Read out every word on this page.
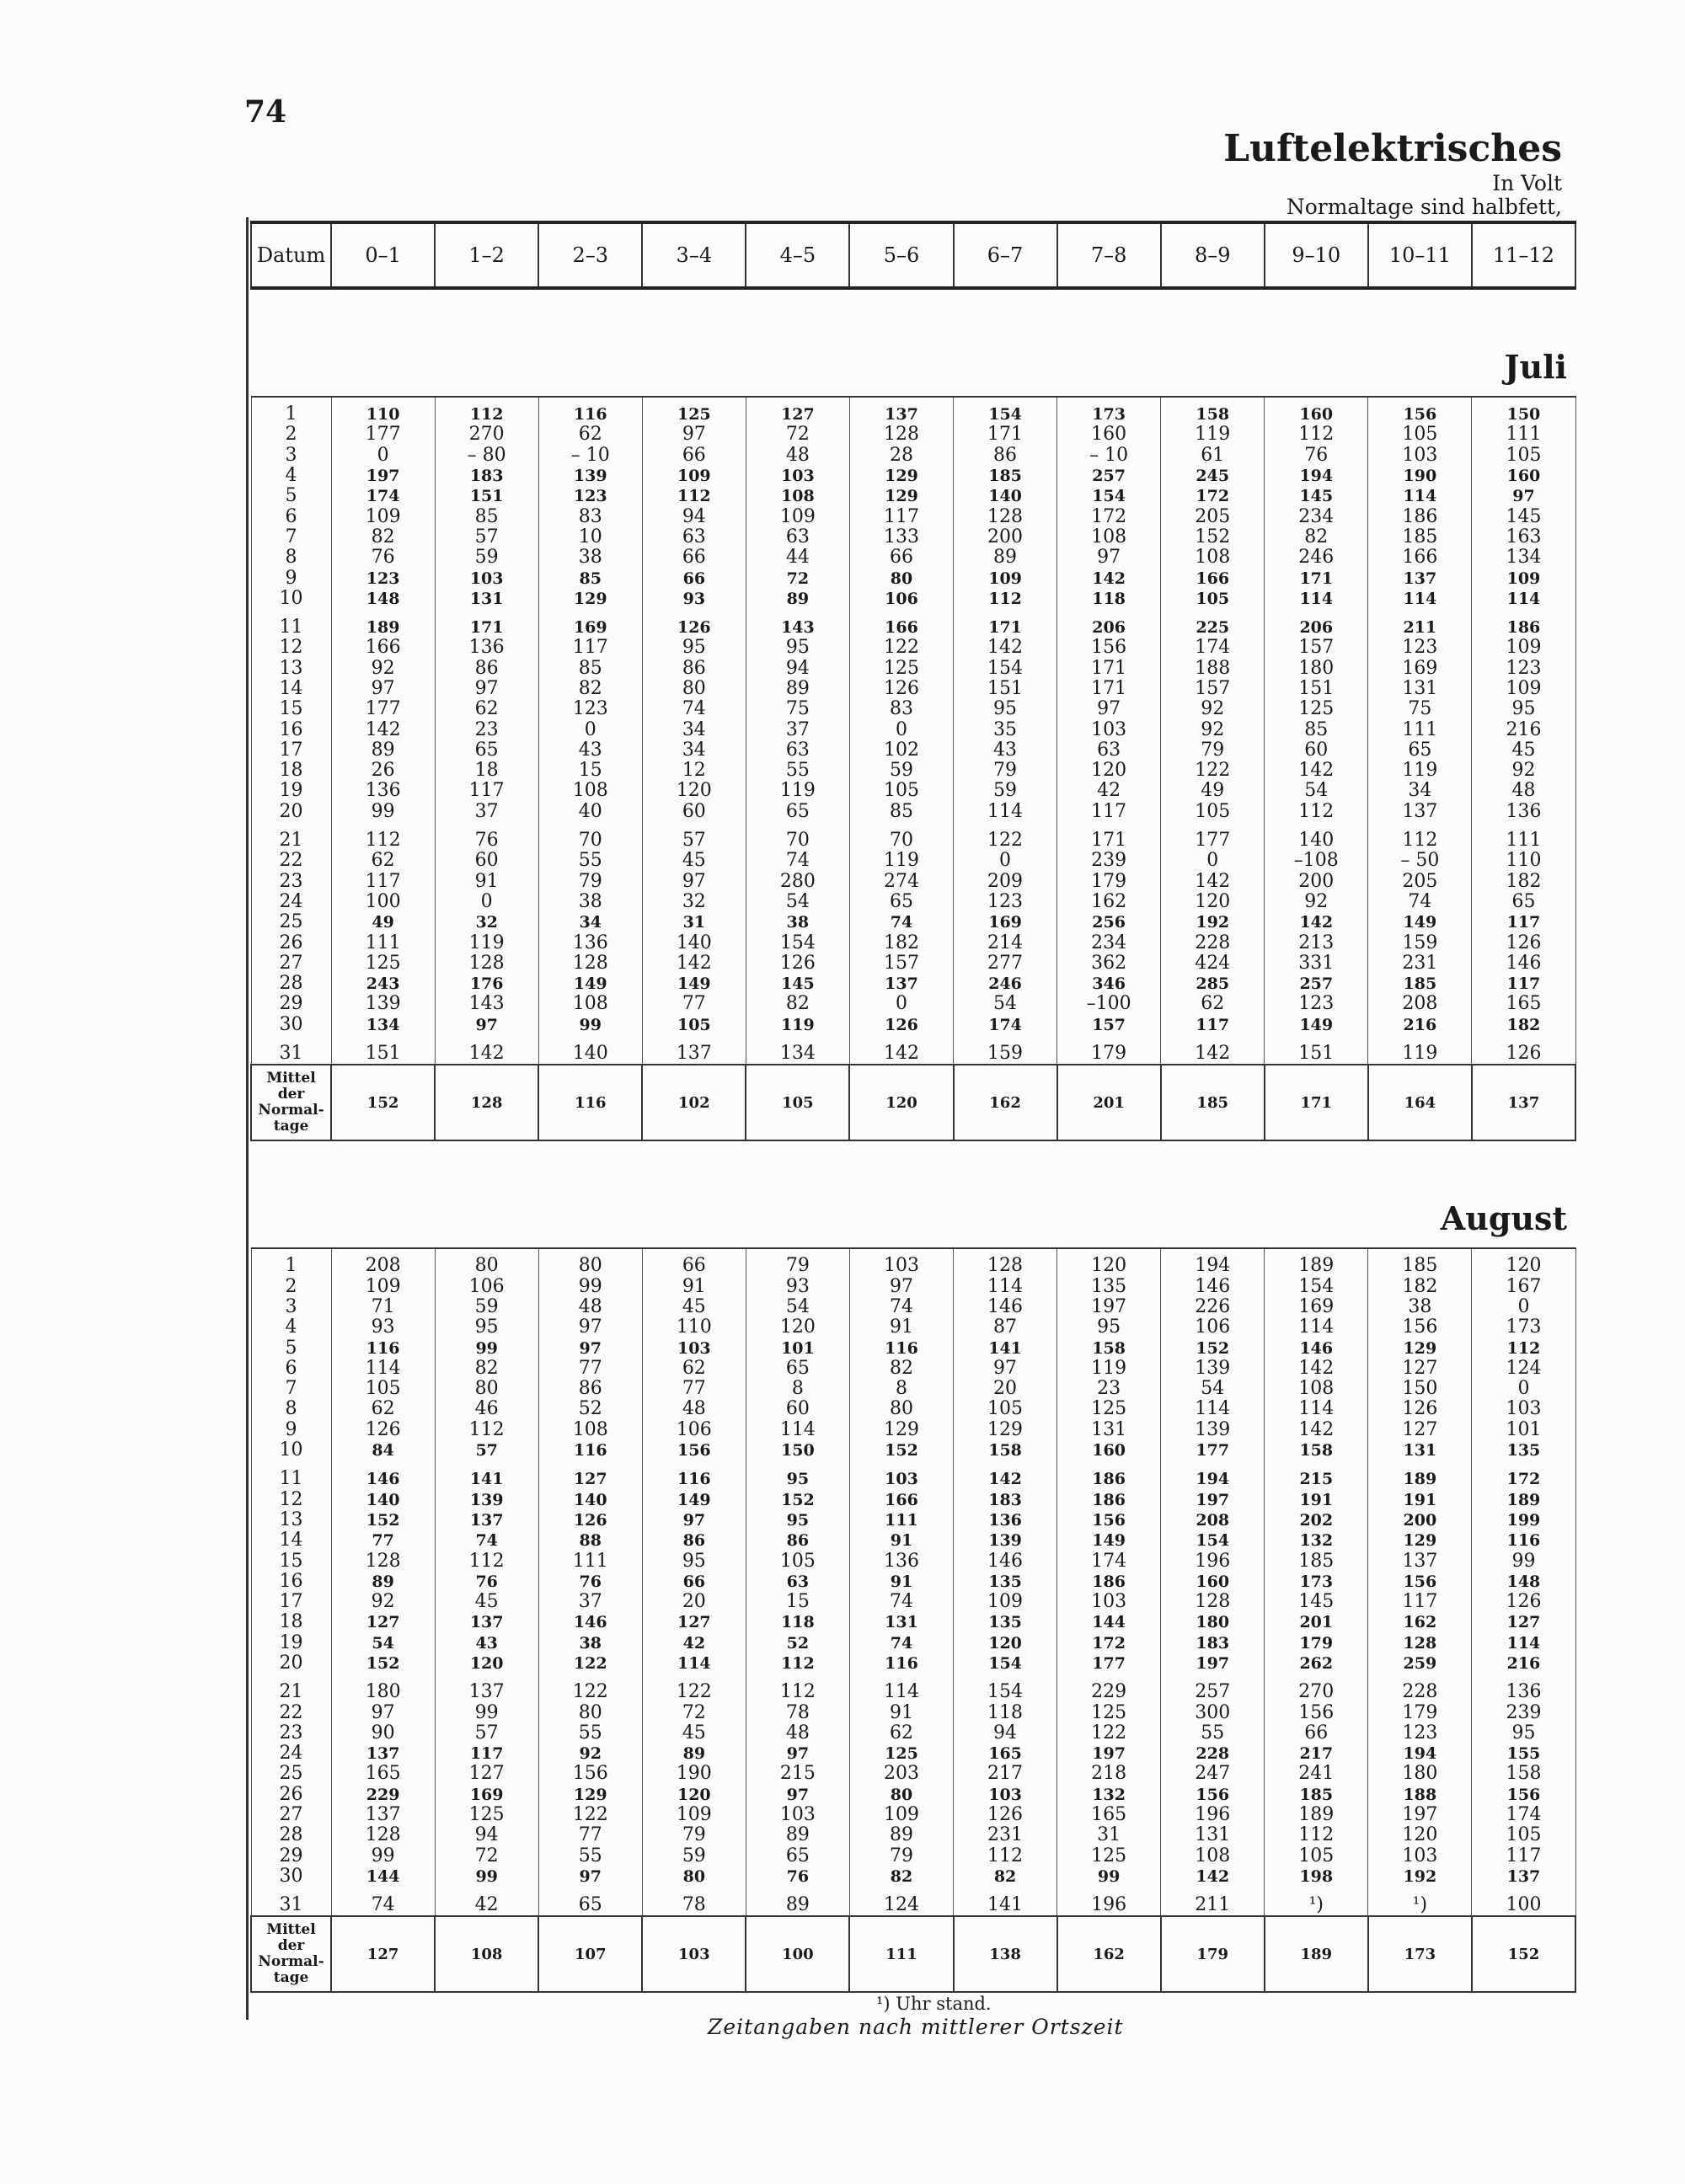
74
Luftelektrisches
In Volt
Normaltage sind halbfett,
Datum	0–1	1–2	2–3	3–4	4–5	5–6	6–7	7–8	8–9	9–10	10–11	11–12
Juli												
1	110	112	116	125	127	137	154	173	158	160	156	150
2	177	270	62	97	72	128	171	160	119	112	105	111
3	0	– 80	– 10	66	48	28	86	– 10	61	76	103	105
4	197	183	139	109	103	129	185	257	245	194	190	160
5	174	151	123	112	108	129	140	154	172	145	114	97
6	109	85	83	94	109	117	128	172	205	234	186	145
7	82	57	10	63	63	133	200	108	152	82	185	163
8	76	59	38	66	44	66	89	97	108	246	166	134
9	123	103	85	66	72	80	109	142	166	171	137	109
10	148	131	129	93	89	106	112	118	105	114	114	114
11	189	171	169	126	143	166	171	206	225	206	211	186
12	166	136	117	95	95	122	142	156	174	157	123	109
13	92	86	85	86	94	125	154	171	188	180	169	123
14	97	97	82	80	89	126	151	171	157	151	131	109
15	177	62	123	74	75	83	95	97	92	125	75	95
16	142	23	0	34	37	0	35	103	92	85	111	216
17	89	65	43	34	63	102	43	63	79	60	65	45
18	26	18	15	12	55	59	79	120	122	142	119	92
19	136	117	108	120	119	105	59	42	49	54	34	48
20	99	37	40	60	65	85	114	117	105	112	137	136
21	112	76	70	57	70	70	122	171	177	140	112	111
22	62	60	55	45	74	119	0	239	0	–108	– 50	110
23	117	91	79	97	280	274	209	179	142	200	205	182
24	100	0	38	32	54	65	123	162	120	92	74	65
25	49	32	34	31	38	74	169	256	192	142	149	117
26	111	119	136	140	154	182	214	234	228	213	159	126
27	125	128	128	142	126	157	277	362	424	331	231	146
28	243	176	149	149	145	137	246	346	285	257	185	117
29	139	143	108	77	82	0	54	–100	62	123	208	165
30	134	97	99	105	119	126	174	157	117	149	216	182
31	151	142	140	137	134	142	159	179	142	151	119	126
Mittel der Normal- tage	152	128	116	102	105	120	162	201	185	171	164	137
August												
1	208	80	80	66	79	103	128	120	194	189	185	120
2	109	106	99	91	93	97	114	135	146	154	182	167
3	71	59	48	45	54	74	146	197	226	169	38	0
4	93	95	97	110	120	91	87	95	106	114	156	173
5	116	99	97	103	101	116	141	158	152	146	129	112
6	114	82	77	62	65	82	97	119	139	142	127	124
7	105	80	86	77	8	8	20	23	54	108	150	0
8	62	46	52	48	60	80	105	125	114	114	126	103
9	126	112	108	106	114	129	129	131	139	142	127	101
10	84	57	116	156	150	152	158	160	177	158	131	135
11	146	141	127	116	95	103	142	186	194	215	189	172
12	140	139	140	149	152	166	183	186	197	191	191	189
13	152	137	126	97	95	111	136	156	208	202	200	199
14	77	74	88	86	86	91	139	149	154	132	129	116
15	128	112	111	95	105	136	146	174	196	185	137	99
16	89	76	76	66	63	91	135	186	160	173	156	148
17	92	45	37	20	15	74	109	103	128	145	117	126
18	127	137	146	127	118	131	135	144	180	201	162	127
19	54	43	38	42	52	74	120	172	183	179	128	114
20	152	120	122	114	112	116	154	177	197	262	259	216
21	180	137	122	122	112	114	154	229	257	270	228	136
22	97	99	80	72	78	91	118	125	300	156	179	239
23	90	57	55	45	48	62	94	122	55	66	123	95
24	137	117	92	89	97	125	165	197	228	217	194	155
25	165	127	156	190	215	203	217	218	247	241	180	158
26	229	169	129	120	97	80	103	132	156	185	188	156
27	137	125	122	109	103	109	126	165	196	189	197	174
28	128	94	77	79	89	89	231	31	131	112	120	105
29	99	72	55	59	65	79	112	125	108	105	103	117
30	144	99	97	80	76	82	82	99	142	198	192	137
31	74	42	65	78	89	124	141	196	211	¹)	¹)	100
Mittel der Normal- tage	127	108	107	103	100	111	138	162	179	189	173	152
¹) Uhr stand.
Zeitangaben nach mittlerer Ortszeit
